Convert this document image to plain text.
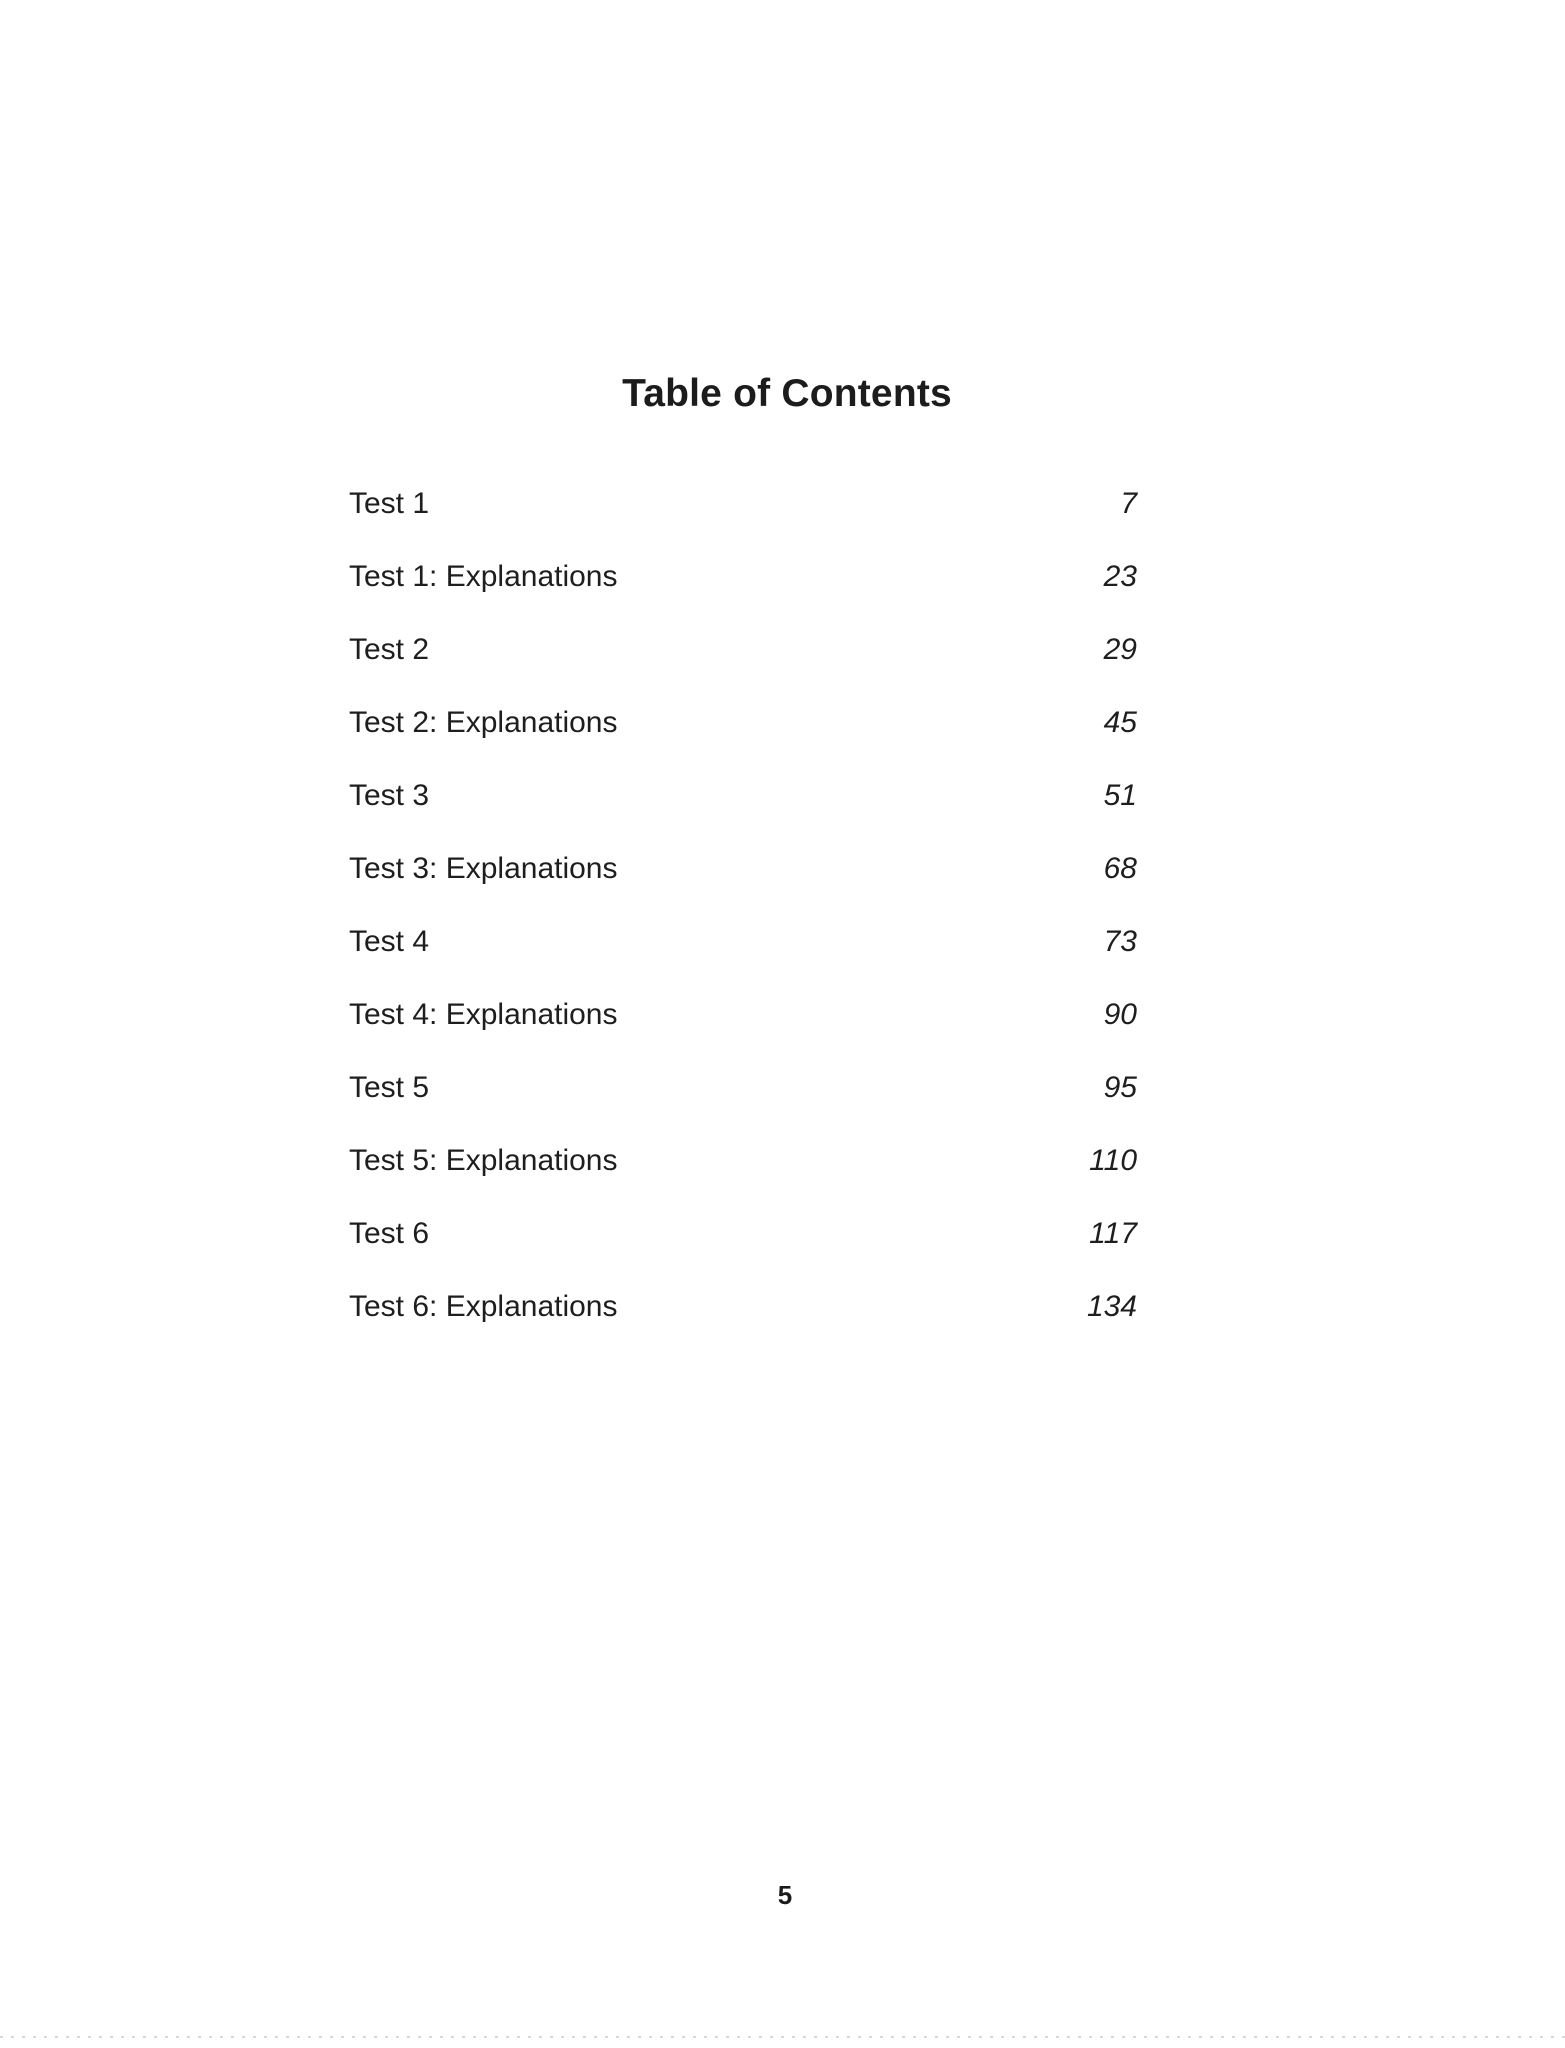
Table of Contents
Test 1	7
Test 1: Explanations	23
Test 2	29
Test 2: Explanations	45
Test 3	51
Test 3: Explanations	68
Test 4	73
Test 4: Explanations	90
Test 5	95
Test 5: Explanations	110
Test 6	117
Test 6: Explanations	134
5
